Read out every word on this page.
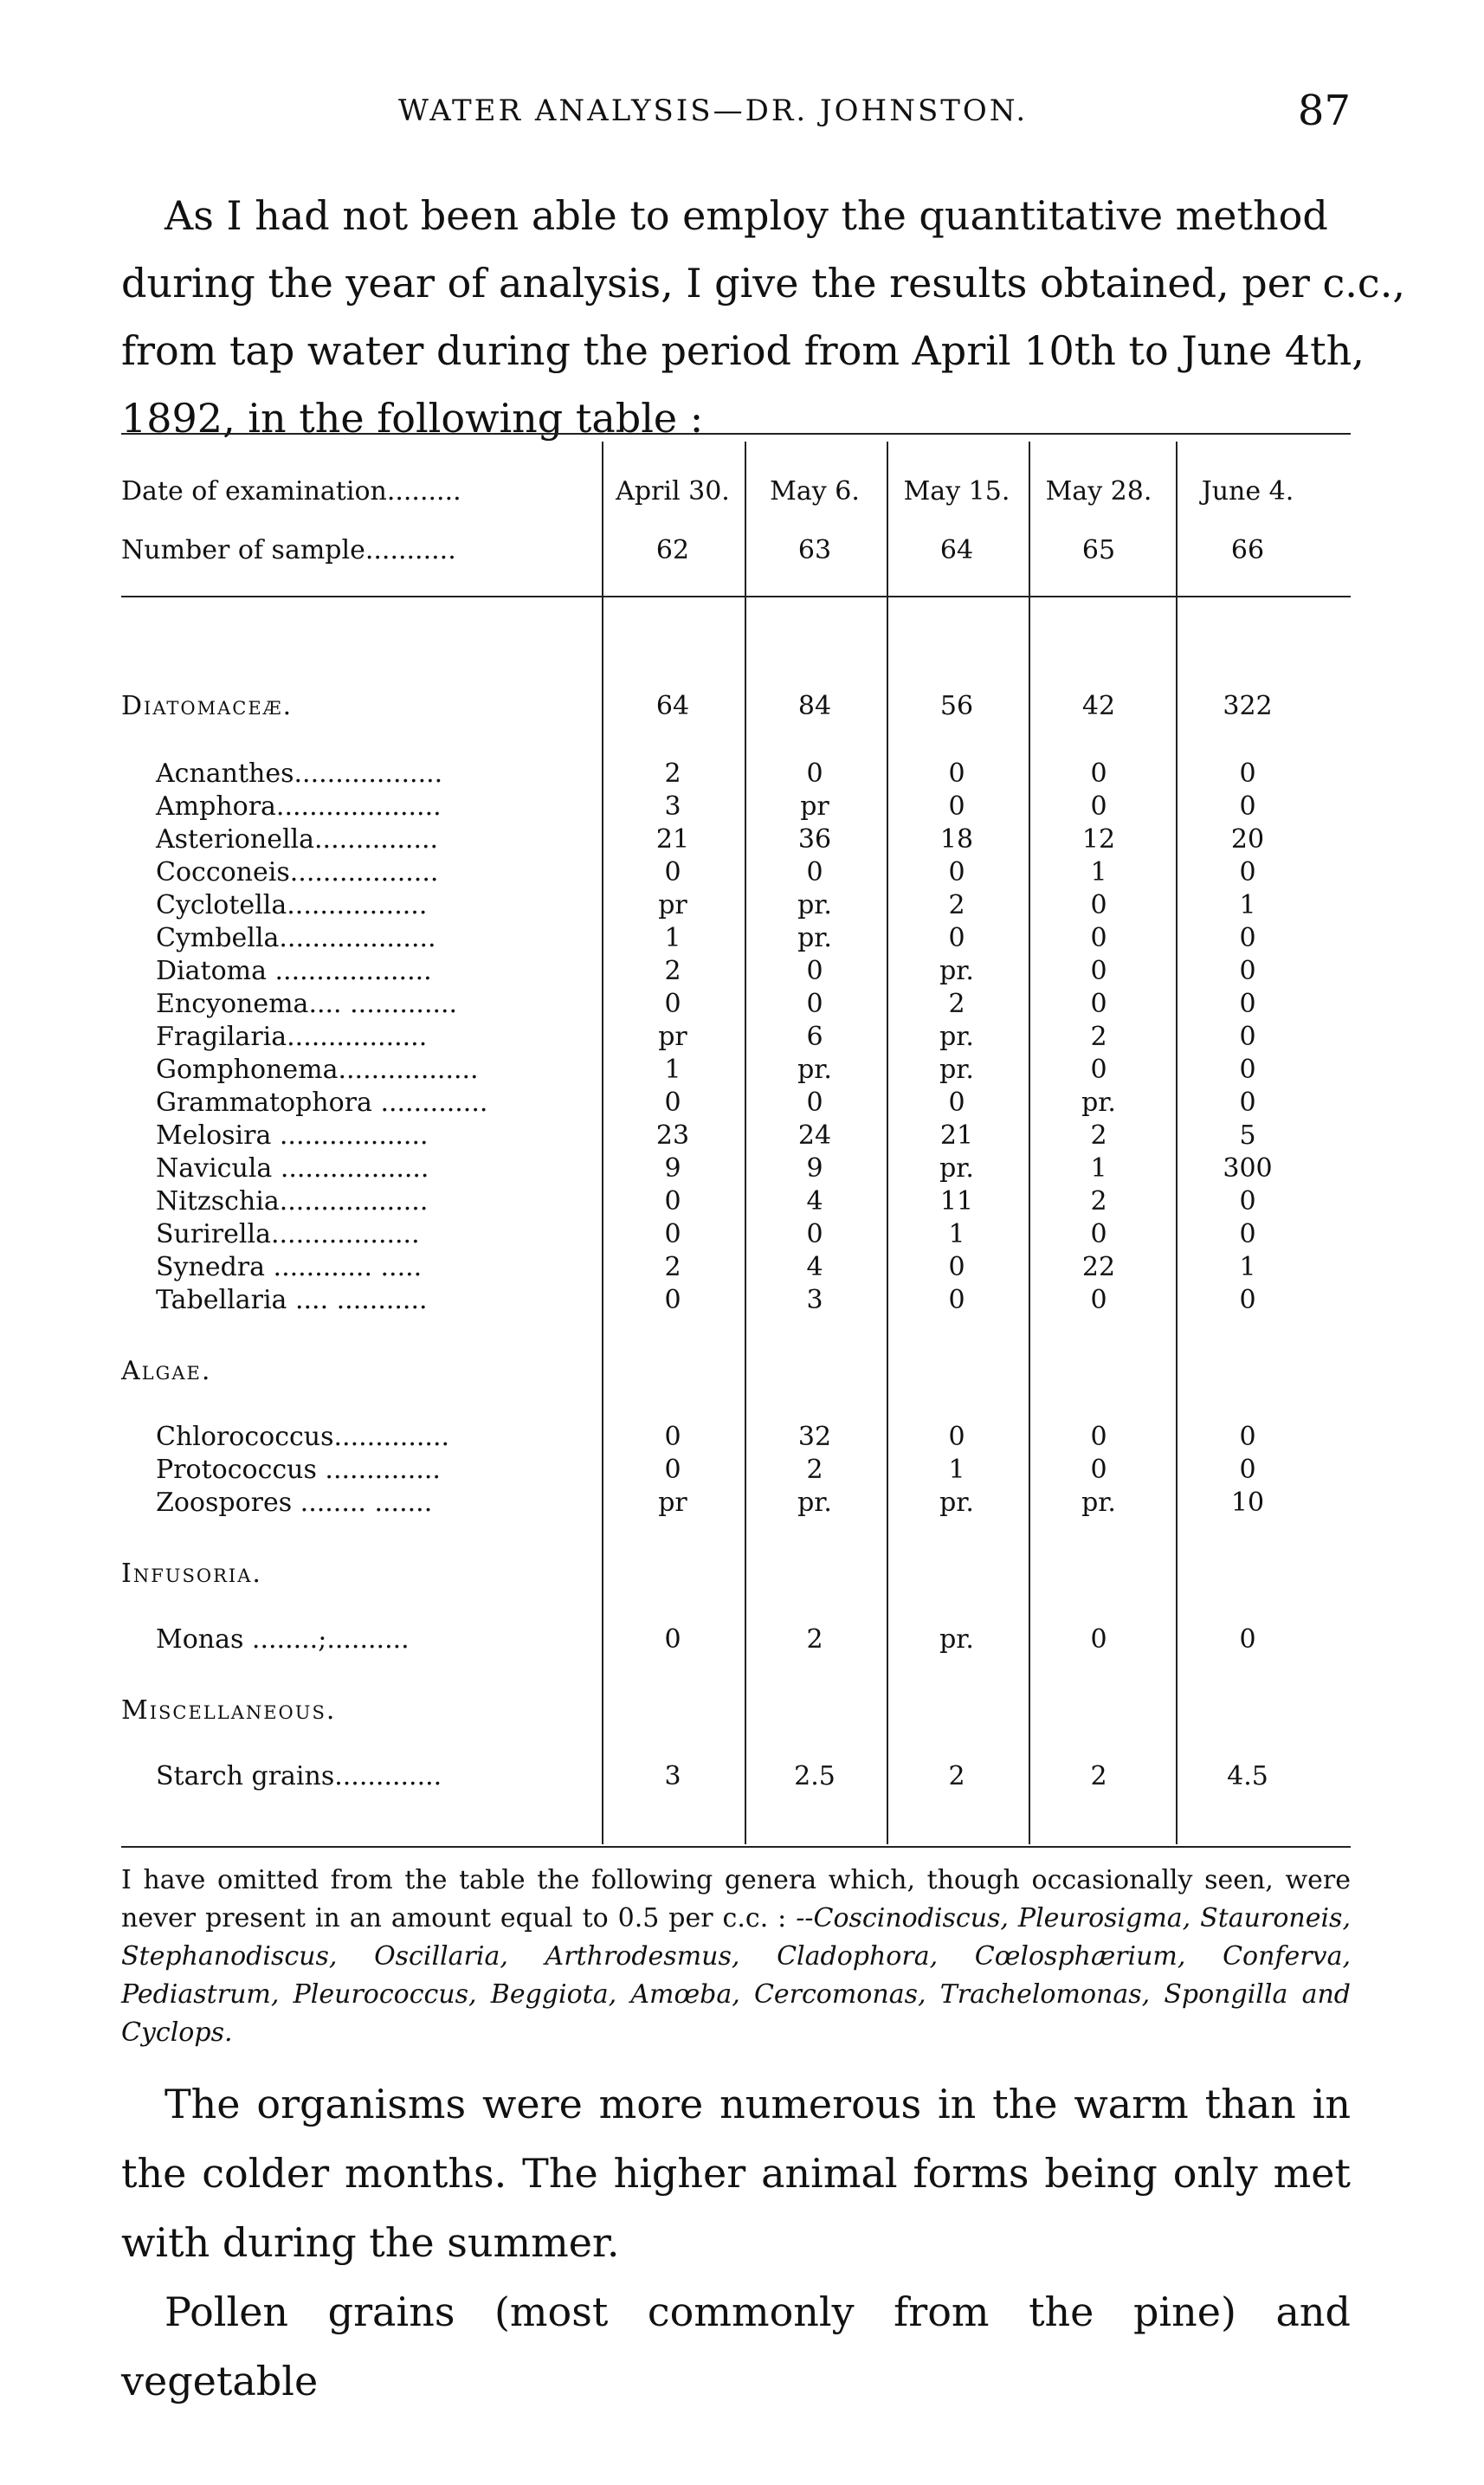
WATER ANALYSIS—DR. JOHNSTON.	87
As I had not been able to employ the quantitative method
during the year of analysis, I give the results obtained, per c.c.,
from tap water during the period from April 10th to June 4th,
1892, in the following table :
Date of examination.........	April 30.	May 6.	May 15.	May 28.	June 4.
Number of sample...........	62	63	64	65	66
Diatomaceæ.	64	84	56	42	322
Acnanthes..................	2	0	0	0	0
Amphora....................	3	pr	0	0	0
Asterionella...............	21	36	18	12	20
Cocconeis..................	0	0	0	1	0
Cyclotella.................	pr	pr.	2	0	1
Cymbella...................	1	pr.	0	0	0
Diatoma ...................	2	0	pr.	0	0
Encyonema.... .............	0	0	2	0	0
Fragilaria.................	pr	6	pr.	2	0
Gomphonema.................	1	pr.	pr.	0	0
Grammatophora .............	0	0	0	pr.	0
Melosira ..................	23	24	21	2	5
Navicula ..................	9	9	pr.	1	300
Nitzschia..................	0	4	11	2	0
Surirella..................	0	0	1	0	0
Synedra ............ .....	2	4	0	22	1
Tabellaria .... ...........	0	3	0	0	0
Algae.
Chlorococcus..............	0	32	0	0	0
Protococcus ..............	0	2	1	0	0
Zoospores ........ .......	pr	pr.	pr.	pr.	10
Infusoria.
Monas ........;..........	0	2	pr.	0	0
Miscellaneous.
Starch grains.............	3	2.5	2	2	4.5
I have omitted from the table the following genera which, though occasionally seen, were never present in an amount equal to 0.5 per c.c. : --Coscinodiscus, Pleurosigma, Stauroneis, Stephanodiscus, Oscillaria, Arthrodesmus, Cladophora, Cœlosphærium, Conferva, Pediastrum, Pleurococcus, Beggiota, Amœba, Cercomonas, Trachelomonas, Spongilla and Cyclops.

The organisms were more numerous in the warm than in the colder months. The higher animal forms being only met with during the summer.

Pollen grains (most commonly from the pine) and vegetable
